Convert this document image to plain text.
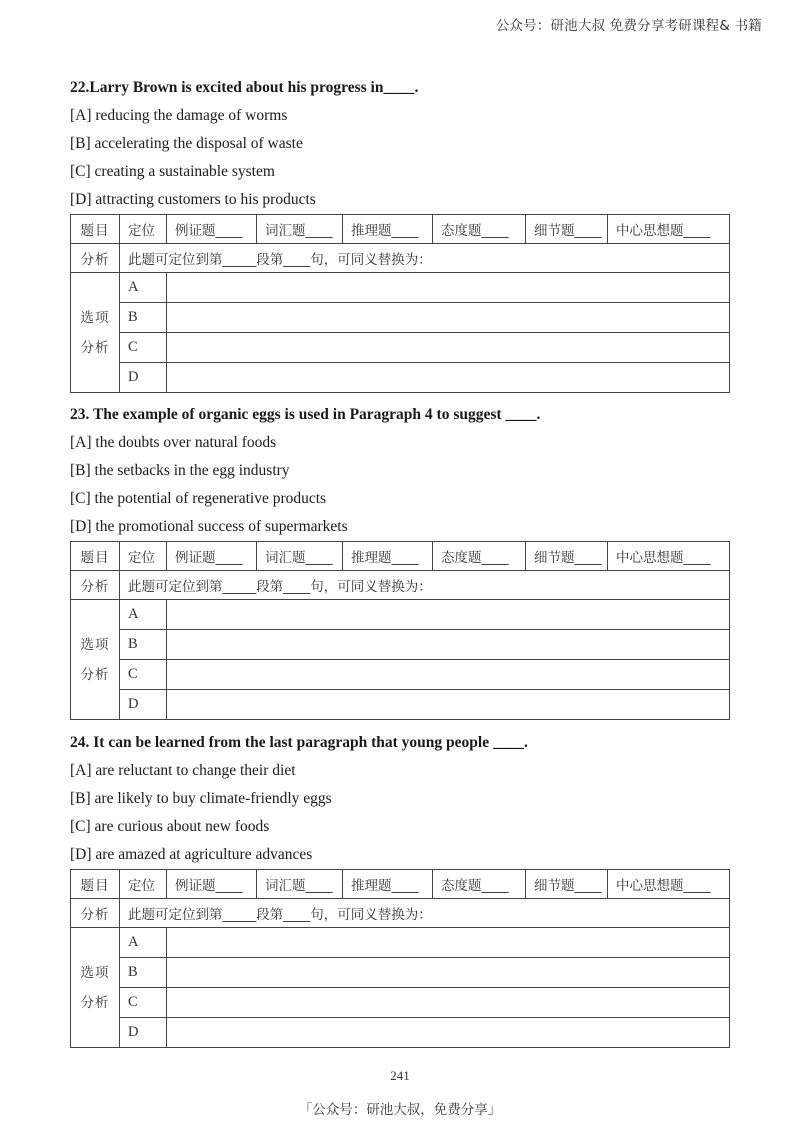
公众号：研池大叔 免费分享考研课程& 书籍
22.Larry Brown is excited about his progress in____.
[A] reducing the damage of worms
[B] accelerating the disposal of waste
[C] creating a sustainable system
[D] attracting customers to his products
题目	定位	例证题____	词汇题____	推理题____	态度题____	细节题____	中心思想题____
分析	此题可定位到第_____段第____句，可同义替换为：						

选项
分析	A						
	B						
	C						
	D						
23. The example of organic eggs is used in Paragraph 4 to suggest ____.
[A] the doubts over natural foods
[B] the setbacks in the egg industry
[C] the potential of regenerative products
[D] the promotional success of supermarkets
题目	定位	例证题____	词汇题____	推理题____	态度题____	细节题____	中心思想题____
分析	此题可定位到第_____段第____句，可同义替换为：						

选项
分析	A						
	B						
	C						
	D						
24. It can be learned from the last paragraph that young people ____.
[A] are reluctant to change their diet
[B] are likely to buy climate-friendly eggs
[C] are curious about new foods
[D] are amazed at agriculture advances
题目	定位	例证题____	词汇题____	推理题____	态度题____	细节题____	中心思想题____
分析	此题可定位到第_____段第____句，可同义替换为：						

选项
分析	A						
	B						
	C						
	D						
241
「公众号：研池大叔，免费分享」
